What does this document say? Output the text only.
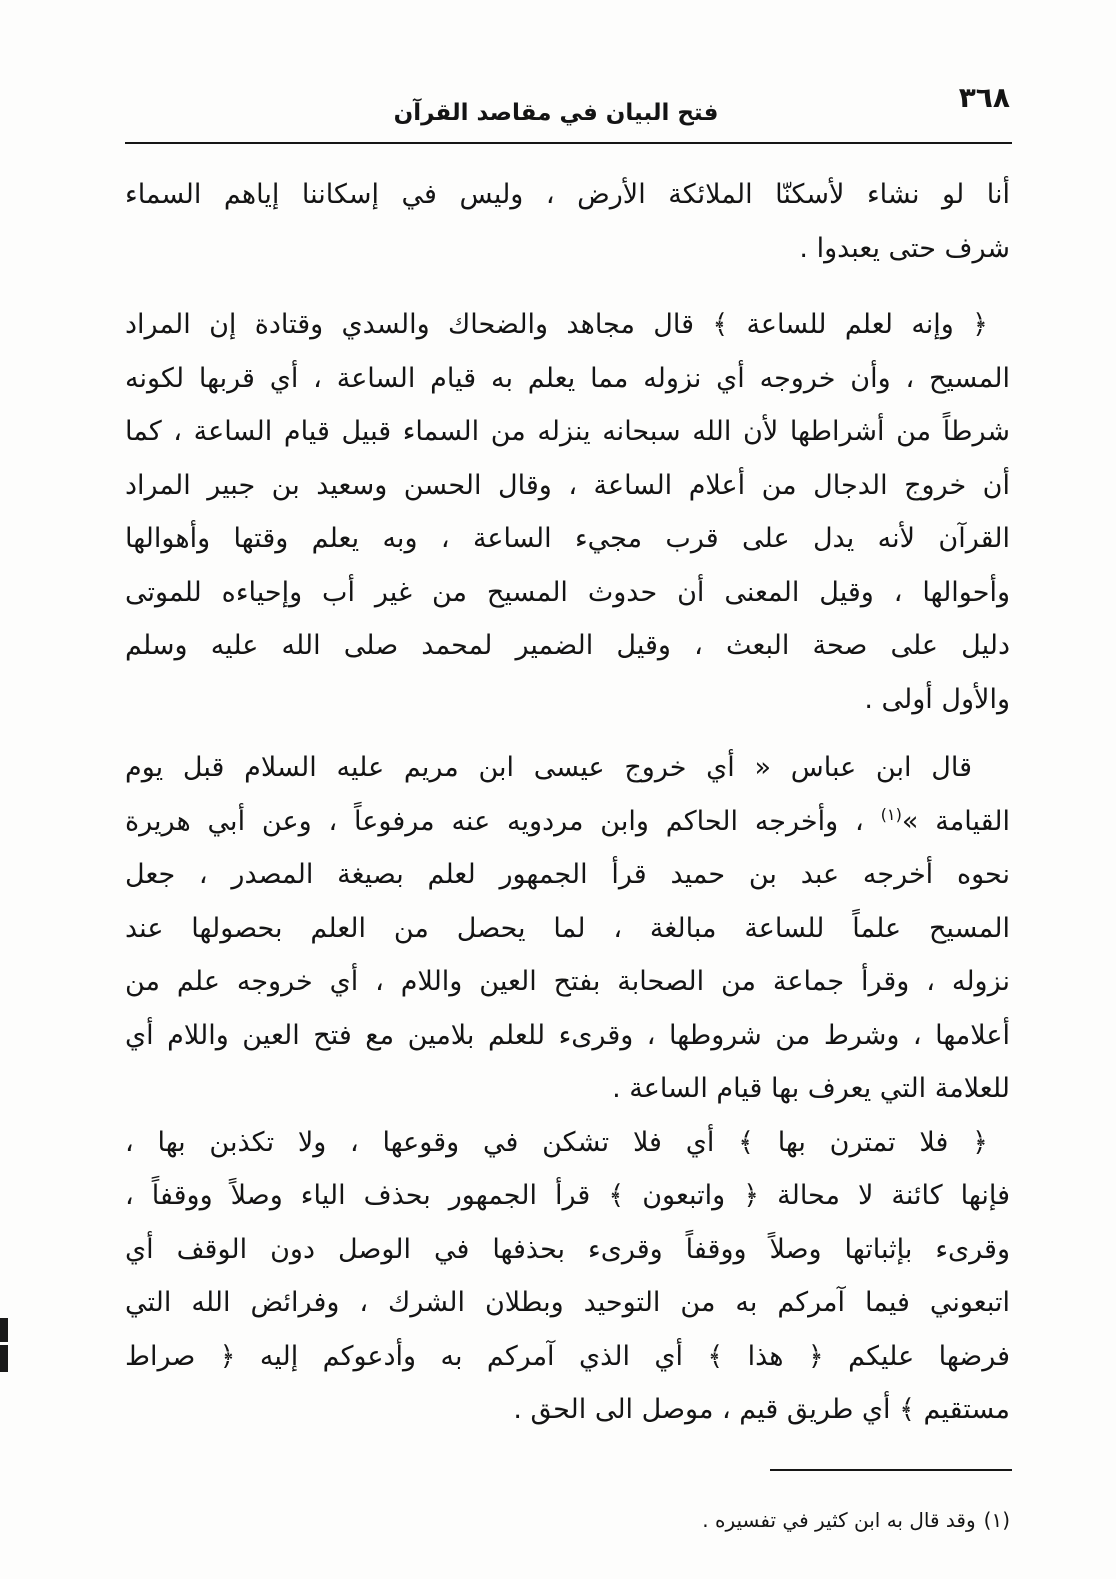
٣٦٨
فتح البيان في مقاصد القرآن
أنا لو نشاء لأسكنّا الملائكة الأرض ، وليس في إسكاننا إياهم السماء
شرف حتى يعبدوا .
﴿ وإنه لعلم للساعة ﴾ قال مجاهد والضحاك والسدي وقتادة إن المراد
المسيح ، وأن خروجه أي نزوله مما يعلم به قيام الساعة ، أي قربها لكونه
شرطاً من أشراطها لأن الله سبحانه ينزله من السماء قبيل قيام الساعة ، كما
أن خروج الدجال من أعلام الساعة ، وقال الحسن وسعيد بن جبير المراد
القرآن لأنه يدل على قرب مجيء الساعة ، وبه يعلم وقتها وأهوالها
وأحوالها ، وقيل المعنى أن حدوث المسيح من غير أب وإحياءه للموتى
دليل على صحة البعث ، وقيل الضمير لمحمد صلى الله عليه وسلم
والأول أولى .
قال ابن عباس « أي خروج عيسى ابن مريم عليه السلام قبل يوم
القيامة »$^{(١)}$ ، وأخرجه الحاكم وابن مردويه عنه مرفوعاً ، وعن أبي هريرة
نحوه أخرجه عبد بن حميد قرأ الجمهور لعلم بصيغة المصدر ، جعل
المسيح علماً للساعة مبالغة ، لما يحصل من العلم بحصولها عند
نزوله ، وقرأ جماعة من الصحابة بفتح العين واللام ، أي خروجه علم من
أعلامها ، وشرط من شروطها ، وقرىء للعلم بلامين مع فتح العين واللام أي
للعلامة التي يعرف بها قيام الساعة .
﴿ فلا تمترن بها ﴾ أي فلا تشكن في وقوعها ، ولا تكذبن بها ،
فإنها كائنة لا محالة ﴿ واتبعون ﴾ قرأ الجمهور بحذف الياء وصلاً ووقفاً ،
وقرىء بإثباتها وصلاً ووقفاً وقرىء بحذفها في الوصل دون الوقف أي
اتبعوني فيما آمركم به من التوحيد وبطلان الشرك ، وفرائض الله التي
فرضها عليكم ﴿ هذا ﴾ أي الذي آمركم به وأدعوكم إليه ﴿ صراط
مستقيم ﴾ أي طريق قيم ، موصل الى الحق .
(١)وقد قال به ابن كثير في تفسيره .
